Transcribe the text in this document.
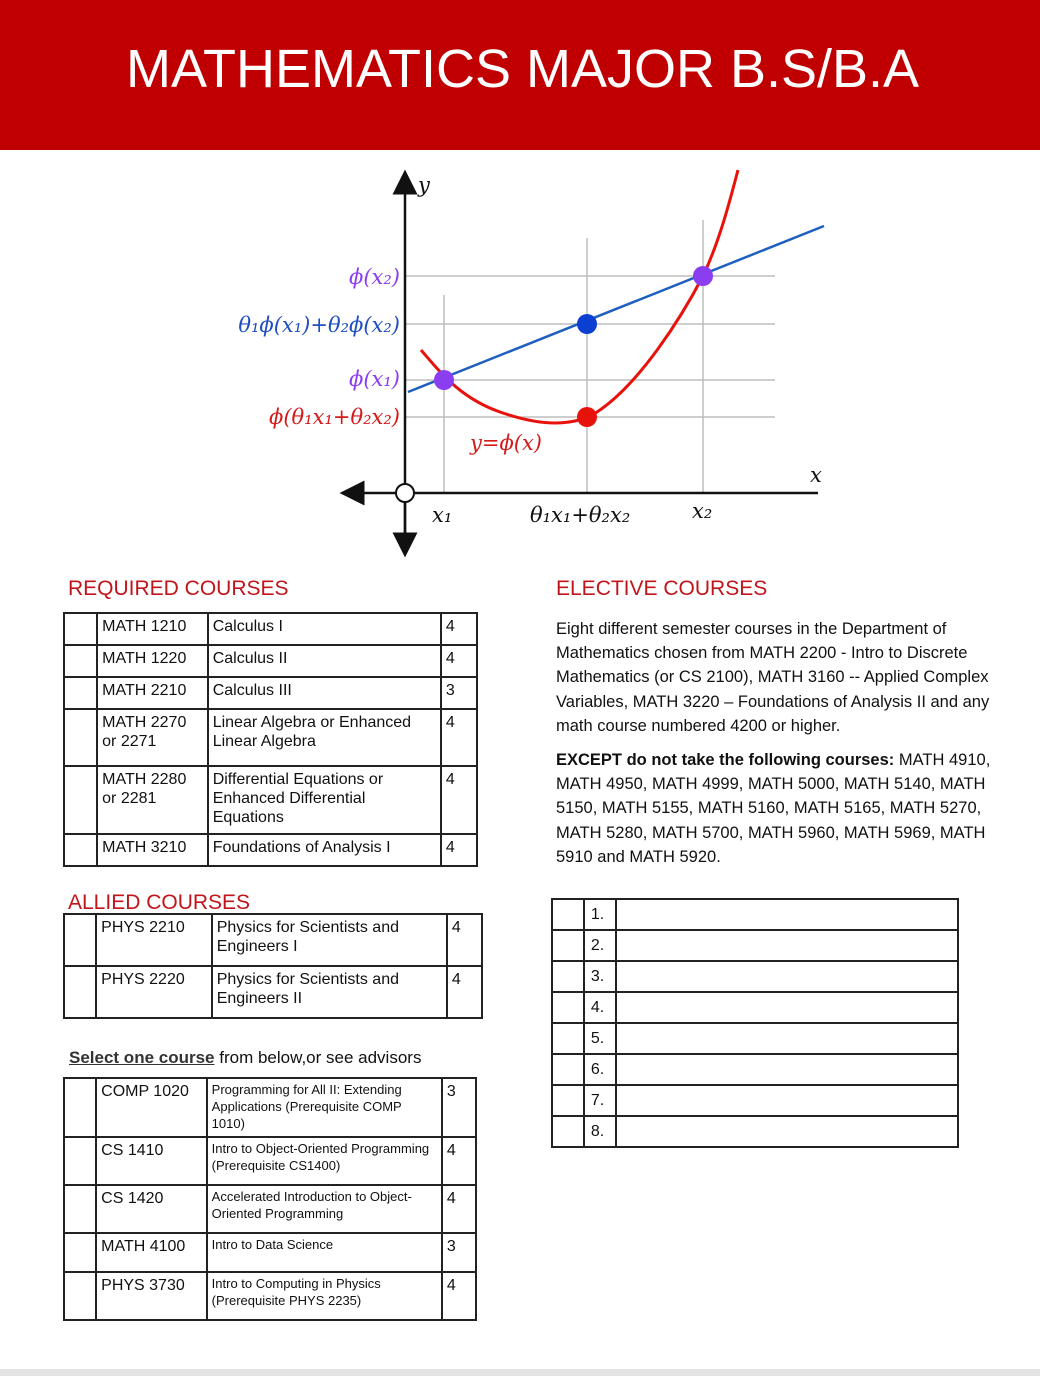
MATHEMATICS MAJOR B.S/B.A
y
x
ϕ(x₂)
θ₁ϕ(x₁)+θ₂ϕ(x₂)
ϕ(x₁)
ϕ(θ₁x₁+θ₂x₂)
y=ϕ(x)
x₁	θ₁x₁+θ₂x₂	x₂
REQUIRED COURSES
	MATH 1210	Calculus I	4
	MATH 1220	Calculus II	4
	MATH 2210	Calculus III	3
	MATH 2270 or 2271	Linear Algebra or Enhanced Linear Algebra	4
	MATH 2280 or 2281	Differential Equations or Enhanced Differential Equations	4
	MATH 3210	Foundations of Analysis I	4
ALLIED COURSES
	PHYS 2210	Physics for Scientists and Engineers I	4
	PHYS 2220	Physics for Scientists and Engineers II	4
Select one course from below,or see advisors
	COMP 1020	Programming for All II: Extending Applications (Prerequisite COMP 1010)	3
	CS 1410	Intro to Object-Oriented Programming (Prerequisite CS1400)	4
	CS 1420	Accelerated Introduction to Object-Oriented Programming	4
	MATH 4100	Intro to Data Science	3
	PHYS 3730	Intro to Computing in Physics (Prerequisite PHYS 2235)	4
ELECTIVE COURSES

Eight different semester courses in the Department of Mathematics chosen from MATH 2200 - Intro to Discrete Mathematics (or CS 2100), MATH 3160 -- Applied Complex Variables, MATH 3220 – Foundations of Analysis II and any math course numbered 4200 or higher.

EXCEPT do not take the following courses: MATH 4910, MATH 4950, MATH 4999, MATH 5000, MATH 5140, MATH 5150, MATH 5155, MATH 5160, MATH 5165, MATH 5270, MATH 5280, MATH 5700, MATH 5960, MATH 5969, MATH 5910 and MATH 5920.

	1.	
	2.	
	3.	
	4.	
	5.	
	6.	
	7.	
	8.	
